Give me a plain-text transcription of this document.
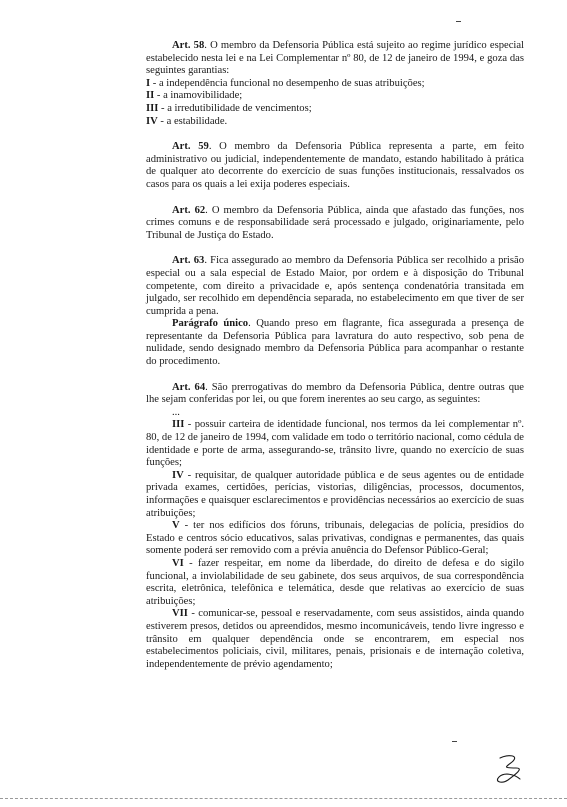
Art. 58. O membro da Defensoria Pública está sujeito ao regime jurídico especial estabelecido nesta lei e na Lei Complementar nº 80, de 12 de janeiro de 1994, e goza das seguintes garantias:

I - a independência funcional no desempenho de suas atribuições;

II - a inamovibilidade;

III - a irredutibilidade de vencimentos;

IV - a estabilidade.

Art. 59. O membro da Defensoria Pública representa a parte, em feito administrativo ou judicial, independentemente de mandato, estando habilitado à prática de qualquer ato decorrente do exercício de suas funções institucionais, ressalvados os casos para os quais a lei exija poderes especiais.

Art. 62. O membro da Defensoria Pública, ainda que afastado das funções, nos crimes comuns e de responsabilidade será processado e julgado, originariamente, pelo Tribunal de Justiça do Estado.

Art. 63. Fica assegurado ao membro da Defensoria Pública ser recolhido a prisão especial ou a sala especial de Estado Maior, por ordem e à disposição do Tribunal competente, com direito a privacidade e, após sentença condenatória transitada em julgado, ser recolhido em dependência separada, no estabelecimento em que tiver de ser cumprida a pena.

Parágrafo único. Quando preso em flagrante, fica assegurada a presença de representante da Defensoria Pública para lavratura do auto respectivo, sob pena de nulidade, sendo designado membro da Defensoria Pública para acompanhar o restante do procedimento.

Art. 64. São prerrogativas do membro da Defensoria Pública, dentre outras que lhe sejam conferidas por lei, ou que forem inerentes ao seu cargo, as seguintes:

...

III - possuir carteira de identidade funcional, nos termos da lei complementar nº. 80, de 12 de janeiro de 1994, com validade em todo o território nacional, como cédula de identidade e porte de arma, assegurando-se, trânsito livre, quando no exercício de suas funções;

IV - requisitar, de qualquer autoridade pública e de seus agentes ou de entidade privada exames, certidões, perícias, vistorias, diligências, processos, documentos, informações e quaisquer esclarecimentos e providências necessários ao exercício de suas atribuições;

V - ter nos edifícios dos fóruns, tribunais, delegacias de polícia, presídios do Estado e centros sócio educativos, salas privativas, condignas e permanentes, das quais somente poderá ser removido com a prévia anuência do Defensor Público-Geral;

VI - fazer respeitar, em nome da liberdade, do direito de defesa e do sigilo funcional, a inviolabilidade de seu gabinete, dos seus arquivos, de sua correspondência escrita, eletrônica, telefônica e telemática, desde que relativas ao exercício de suas atribuições;

VII - comunicar-se, pessoal e reservadamente, com seus assistidos, ainda quando estiverem presos, detidos ou apreendidos, mesmo incomunicáveis, tendo livre ingresso e trânsito em qualquer dependência onde se encontrarem, em especial nos estabelecimentos policiais, civil, militares, penais, prisionais e de internação coletiva, independentemente de prévio agendamento;
